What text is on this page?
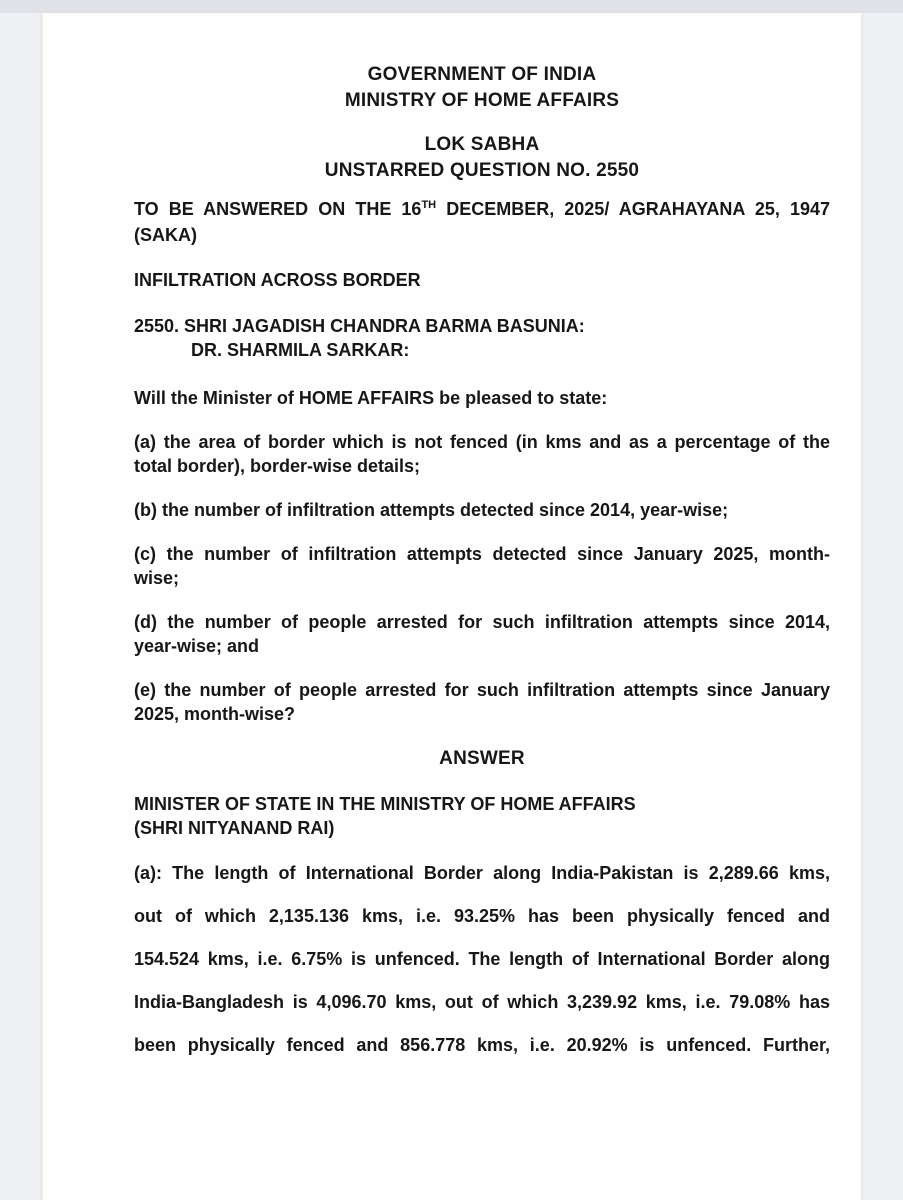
GOVERNMENT OF INDIA
MINISTRY OF HOME AFFAIRS
LOK SABHA
UNSTARRED QUESTION NO. 2550
TO BE ANSWERED ON THE 16TH DECEMBER, 2025/ AGRAHAYANA 25, 1947
(SAKA)
INFILTRATION ACROSS BORDER
2550. SHRI JAGADISH CHANDRA BARMA BASUNIA:
DR. SHARMILA SARKAR:
Will the Minister of HOME AFFAIRS be pleased to state:
(a) the area of border which is not fenced (in kms and as a percentage of the
total border), border-wise details;
(b) the number of infiltration attempts detected since 2014, year-wise;
(c) the number of infiltration attempts detected since January 2025, month-
wise;
(d) the number of people arrested for such infiltration attempts since 2014,
year-wise; and
(e) the number of people arrested for such infiltration attempts since January
2025, month-wise?
ANSWER
MINISTER OF STATE IN THE MINISTRY OF HOME AFFAIRS
(SHRI NITYANAND RAI)
(a): The length of International Border along India-Pakistan is 2,289.66 kms,
out of which 2,135.136 kms, i.e. 93.25% has been physically fenced and
154.524 kms, i.e. 6.75% is unfenced. The length of International Border along
India-Bangladesh is 4,096.70 kms, out of which 3,239.92 kms, i.e. 79.08% has
been physically fenced and 856.778 kms, i.e. 20.92% is unfenced. Further,
